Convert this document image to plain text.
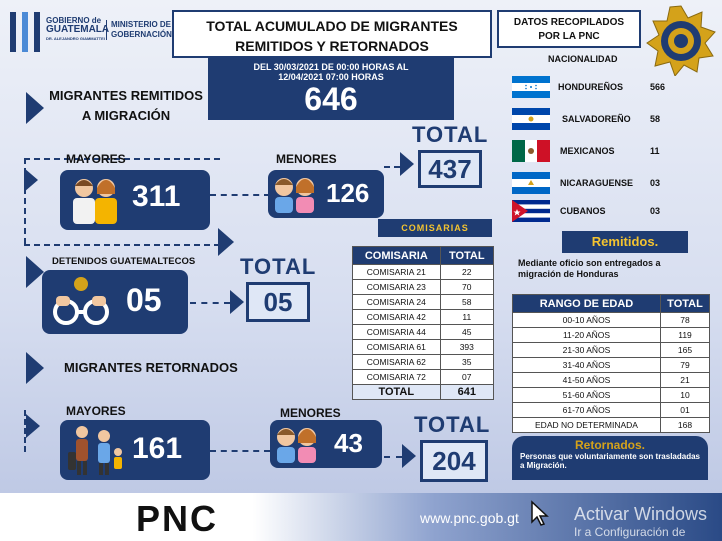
GOBIERNO de
GUATEMALA
DR. ALEJANDRO GIAMMATTEI
MINISTERIO DE
GOBERNACIÓN
TOTAL ACUMULADO DE MIGRANTES
REMITIDOS Y RETORNADOS
DATOS RECOPILADOS
POR LA PNC
DEL 30/03/2021 DE 00:00 HORAS AL
12/04/2021 07:00 HORAS
646
MIGRANTES REMITIDOS
A MIGRACIÓN
MAYORES
311
MENORES
126
TOTAL
437
DETENIDOS GUATEMALTECOS
05
TOTAL
05
MIGRANTES RETORNADOS
MAYORES
161
MENORES
43
TOTAL
204
COMISARIAS
COMISARIA	TOTAL
COMISARIA 21	22
COMISARIA 23	70
COMISARIA 24	58
COMISARIA 42	11
COMISARIA 44	45
COMISARIA 61	393
COMISARIA 62	35
COMISARIA 72	07
TOTAL	641
NACIONALIDAD
HONDUREÑOS	566
SALVADOREÑO 58
MEXICANOS	11
NICARAGUENSE 03
CUBANOS	03
Remitidos.
Mediante oficio son entregados a migración de Honduras
RANGO DE EDAD	TOTAL
00-10 AÑOS	78
11-20 AÑOS	119
21-30 AÑOS	165
31-40 AÑOS	79
41-50 AÑOS	21
51-60 AÑOS	10
61-70 AÑOS	01
EDAD NO DETERMINADA	168
Retornados.
Personas que voluntariamente son trasladadas a Migración.
PNC	www.pnc.gob.gt	Activar Windows
Ir a Configuración de
